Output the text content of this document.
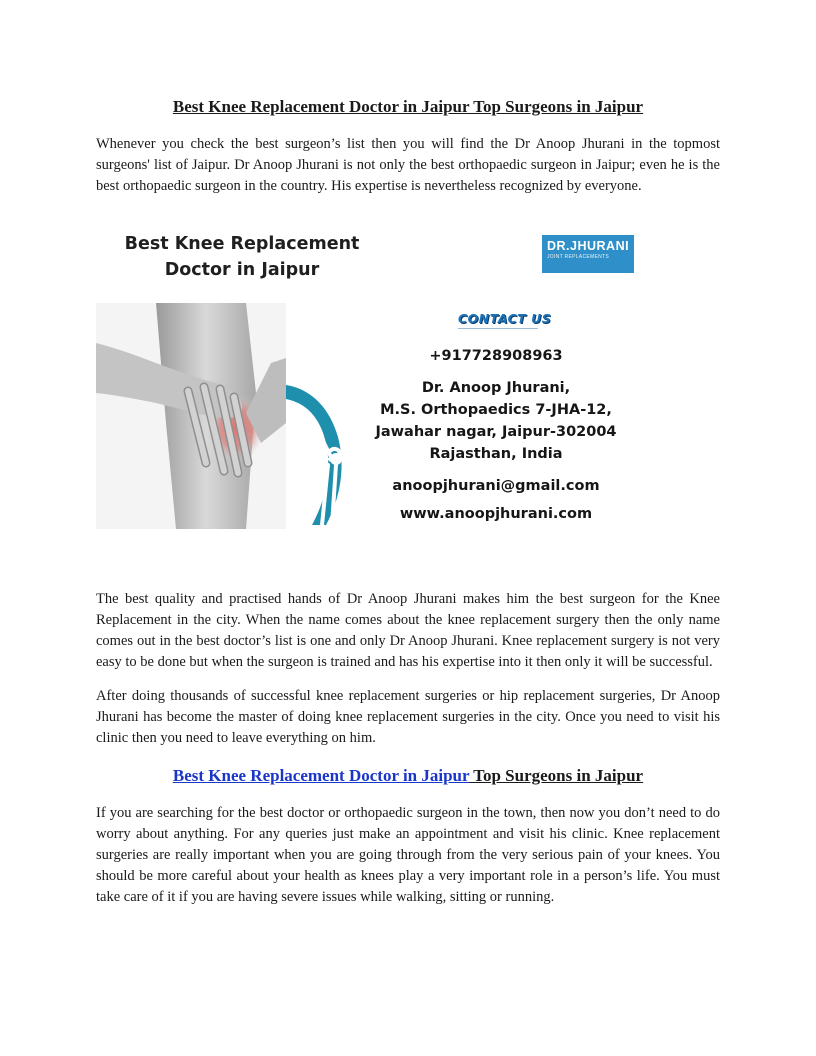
Best Knee Replacement Doctor in Jaipur Top Surgeons in Jaipur

Whenever you check the best surgeon’s list then you will find the Dr Anoop Jhurani in the topmost surgeons' list of Jaipur. Dr Anoop Jhurani is not only the best orthopaedic surgeon in Jaipur; even he is the best orthopaedic surgeon in the country. His expertise is nevertheless recognized by everyone.

Best Knee Replacement
Doctor in Jaipur
DR.JHURANI
JOINT REPLACEMENTS
CONTACT US
+917728908963
Dr. Anoop Jhurani,
M.S. Orthopaedics 7-JHA-12,
Jawahar nagar, Jaipur-302004
Rajasthan, India
anoopjhurani@gmail.com
www.anoopjhurani.com

The best quality and practised hands of Dr Anoop Jhurani makes him the best surgeon for the Knee Replacement in the city. When the name comes about the knee replacement surgery then the only name comes out in the best doctor’s list is one and only Dr Anoop Jhurani. Knee replacement surgery is not very easy to be done but when the surgeon is trained and has his expertise into it then only it will be successful.

After doing thousands of successful knee replacement surgeries or hip replacement surgeries, Dr Anoop Jhurani has become the master of doing knee replacement surgeries in the city. Once you need to visit his clinic then you need to leave everything on him.

Best Knee Replacement Doctor in Jaipur Top Surgeons in Jaipur

If you are searching for the best doctor or orthopaedic surgeon in the town, then now you don’t need to do worry about anything. For any queries just make an appointment and visit his clinic. Knee replacement surgeries are really important when you are going through from the very serious pain of your knees. You should be more careful about your health as knees play a very important role in a person’s life. You must take care of it if you are having severe issues while walking, sitting or running.
